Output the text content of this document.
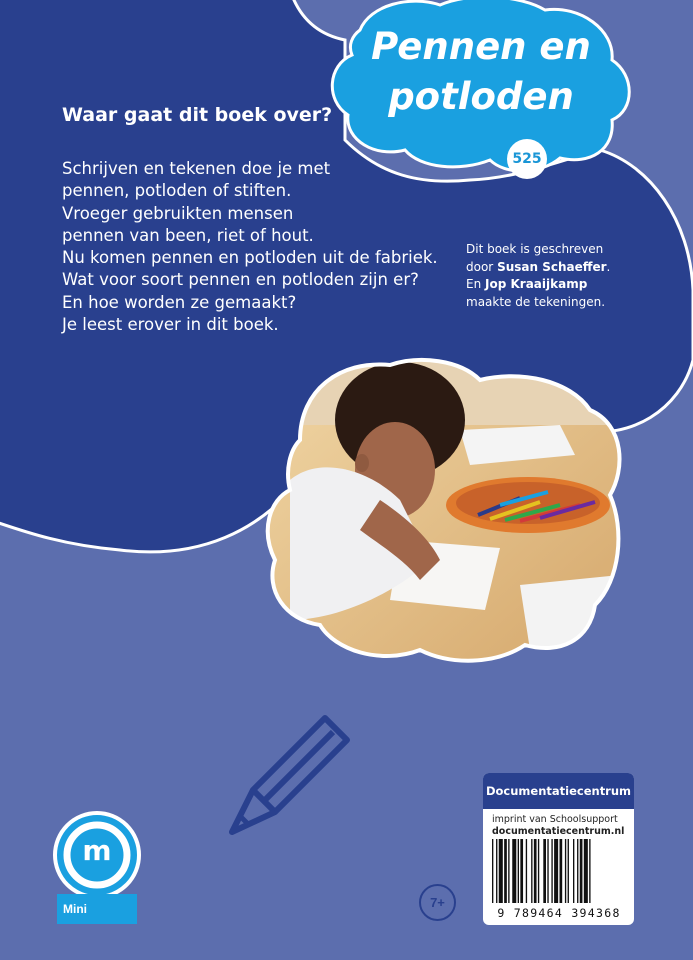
Pennen en
potloden
525
Waar gaat dit boek over?
Schrijven en tekenen doe je met
pennen, potloden of stiften.
Vroeger gebruikten mensen
pennen van been, riet of hout.
Nu komen pennen en potloden uit de fabriek.
Wat voor soort pennen en potloden zijn er?
En hoe worden ze gemaakt?
Je leest erover in dit boek.
Dit boek is geschreven
door Susan Schaeffer.
En Jop Kraaijkamp
maakte de tekeningen.
m
Mini	7+
Documentatiecentrum
imprint van Schoolsupport
documentatiecentrum.nl
9 789464 394368
